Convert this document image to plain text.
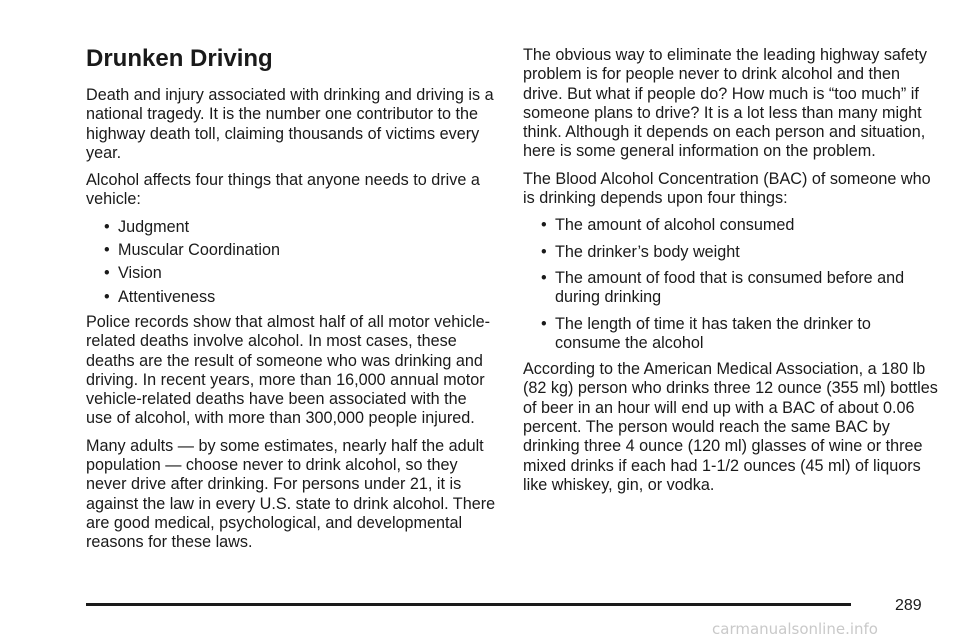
Drunken Driving

Death and injury associated with drinking and driving is a national tragedy. It is the number one contributor to the highway death toll, claiming thousands of victims every year.

Alcohol affects four things that anyone needs to drive a vehicle:

• Judgment
• Muscular Coordination
• Vision
• Attentiveness

Police records show that almost half of all motor vehicle-related deaths involve alcohol. In most cases, these deaths are the result of someone who was drinking and driving. In recent years, more than 16,000 annual motor vehicle-related deaths have been associated with the use of alcohol, with more than 300,000 people injured.

Many adults — by some estimates, nearly half the adult population — choose never to drink alcohol, so they never drive after drinking. For persons under 21, it is against the law in every U.S. state to drink alcohol. There are good medical, psychological, and developmental reasons for these laws.

The obvious way to eliminate the leading highway safety problem is for people never to drink alcohol and then drive. But what if people do? How much is “too much” if someone plans to drive? It is a lot less than many might think. Although it depends on each person and situation, here is some general information on the problem.

The Blood Alcohol Concentration (BAC) of someone who is drinking depends upon four things:

• The amount of alcohol consumed
• The drinker’s body weight
• The amount of food that is consumed before and during drinking
• The length of time it has taken the drinker to consume the alcohol

According to the American Medical Association, a 180 lb (82 kg) person who drinks three 12 ounce (355 ml) bottles of beer in an hour will end up with a BAC of about 0.06 percent. The person would reach the same BAC by drinking three 4 ounce (120 ml) glasses of wine or three mixed drinks if each had 1-1/2 ounces (45 ml) of liquors like whiskey, gin, or vodka.

289
carmanualsonline.info
